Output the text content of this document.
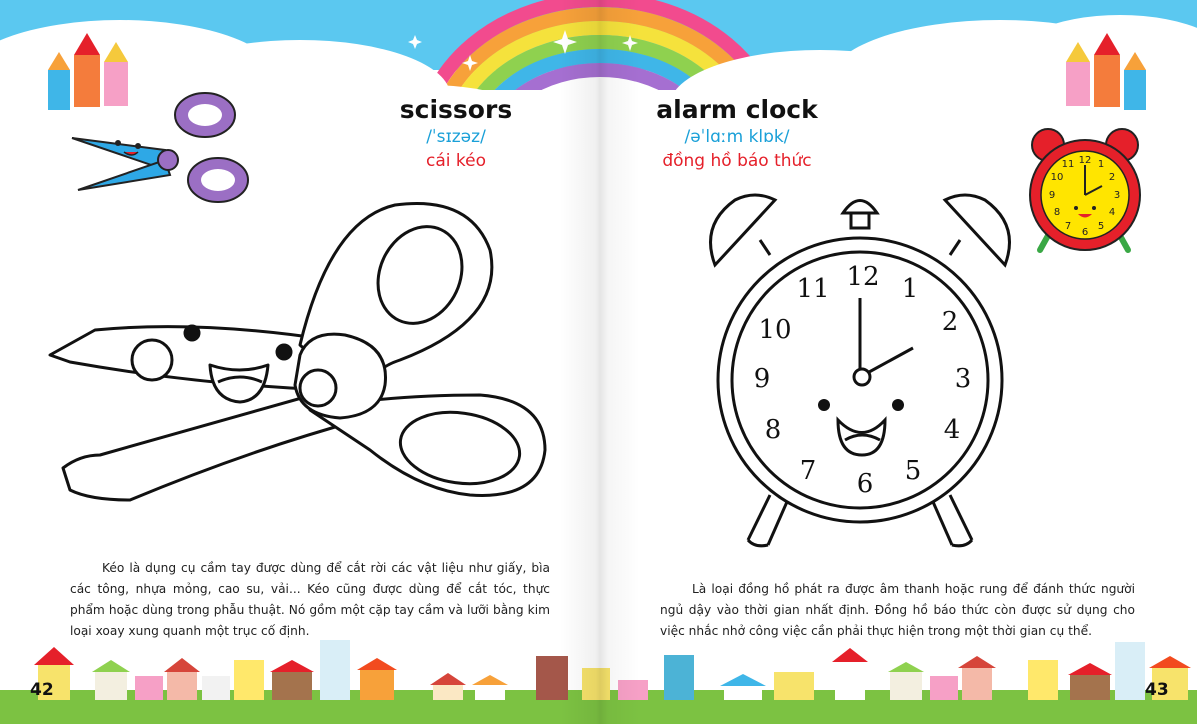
12 1
2
3
4
5
6
7
8
9
10
11
12 1
2
3
4
5
6
7
8
9
10
11
scissors
/ˈsɪzəz/
cái kéo
alarm clock
/əˈlɑːm klɒk/
đồng hồ báo thức
Kéo là dụng cụ cầm tay được dùng để cắt rời các vật liệu như giấy, bìa các tông, nhựa mỏng, cao su, vải... Kéo cũng được dùng để cắt tóc, thực phẩm hoặc dùng trong phẫu thuật. Nó gồm một cặp tay cầm và lưỡi bằng kim loại xoay xung quanh một trục cố định.
Là loại đồng hồ phát ra được âm thanh hoặc rung để đánh thức người ngủ dậy vào thời gian nhất định. Đồng hồ báo thức còn được sử dụng cho việc nhắc nhở công việc cần phải thực hiện trong một thời gian cụ thể.
42	43
